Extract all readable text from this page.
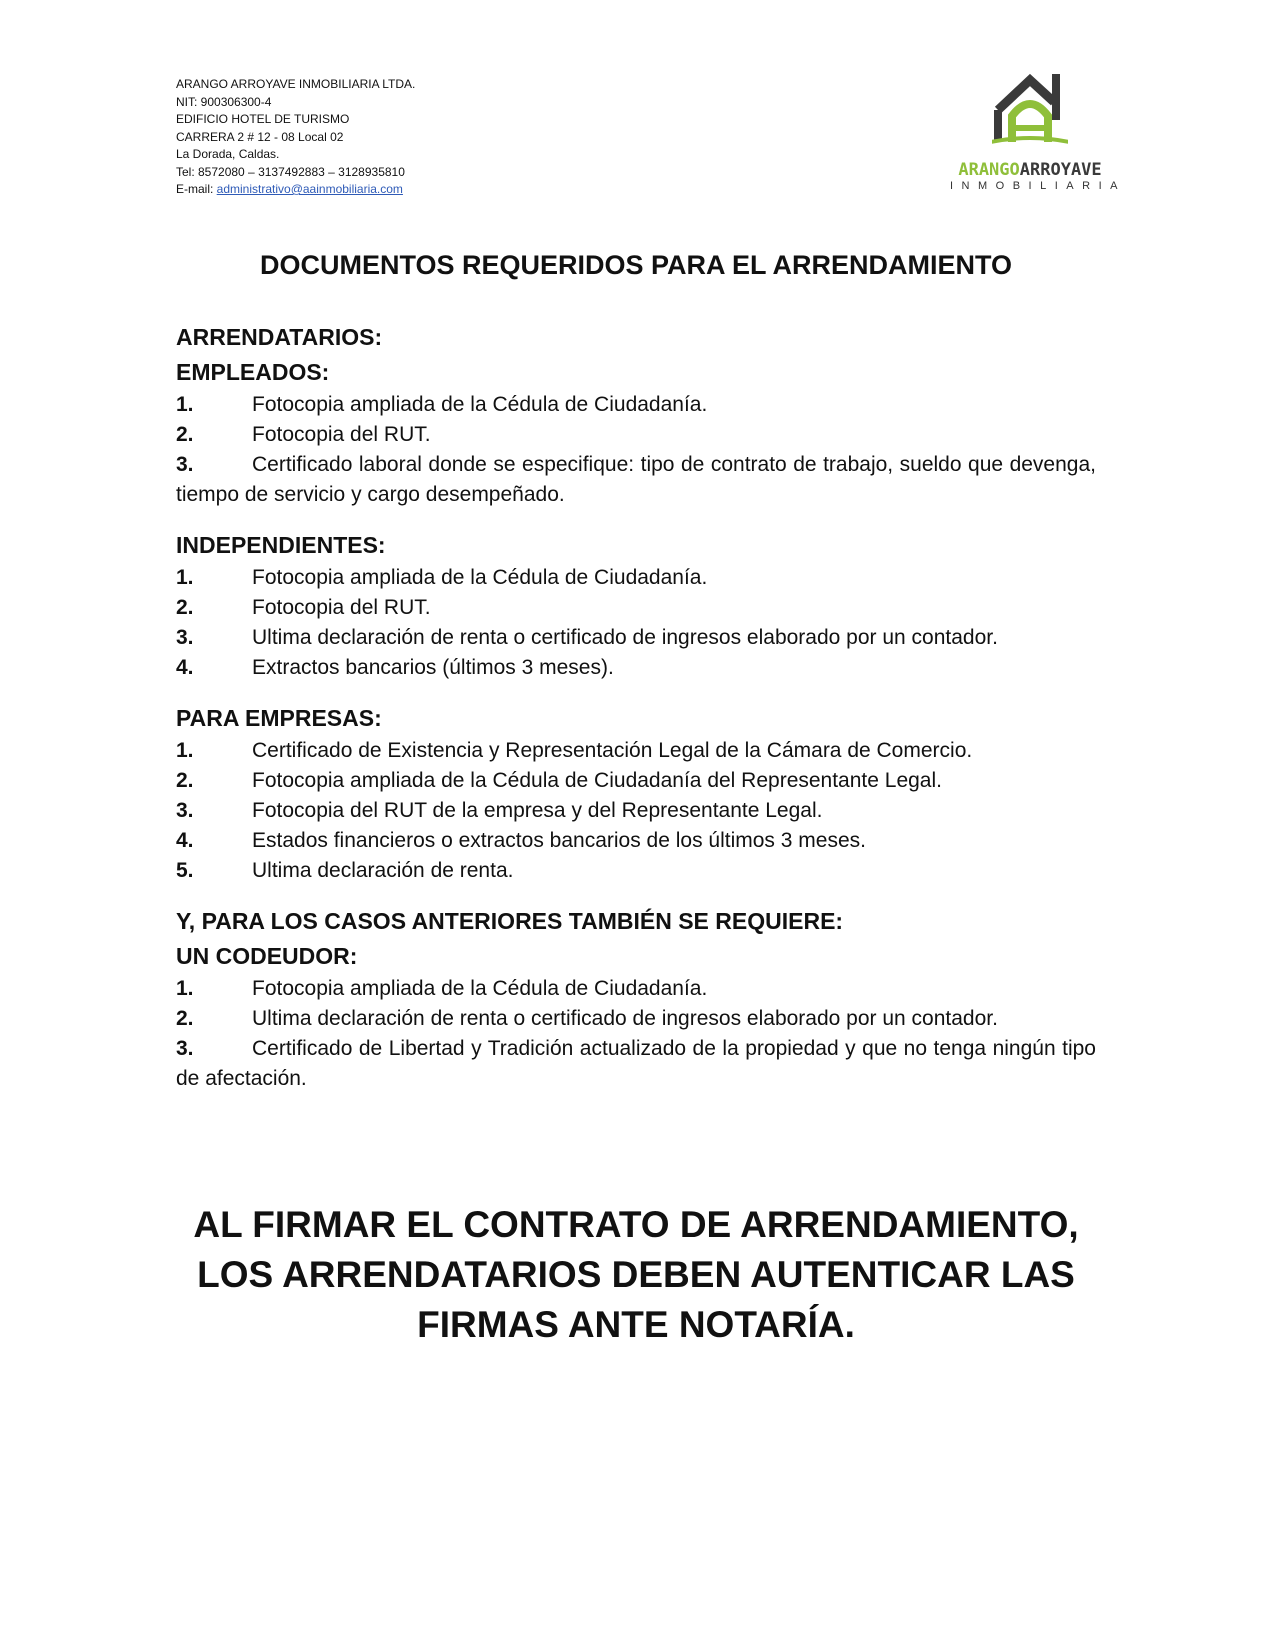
ARANGO ARROYAVE INMOBILIARIA LTDA.
NIT: 900306300-4
EDIFICIO HOTEL DE TURISMO
CARRERA 2 # 12 - 08 Local 02
La Dorada, Caldas.
Tel: 8572080 – 3137492883 – 3128935810
E-mail: administrativo@aainmobiliaria.com
ARANGOARROYAVE
INMOBILIARIA
DOCUMENTOS REQUERIDOS PARA EL ARRENDAMIENTO
ARRENDATARIOS:
EMPLEADOS:
1.	Fotocopia ampliada de la Cédula de Ciudadanía.
2.	Fotocopia del RUT.
3.	Certificado laboral donde se especifique: tipo de contrato de trabajo, sueldo que devenga, tiempo de servicio y cargo desempeñado.
INDEPENDIENTES:
1.	Fotocopia ampliada de la Cédula de Ciudadanía.
2.	Fotocopia del RUT.
3.	Ultima declaración de renta o certificado de ingresos elaborado por un contador.
4.	Extractos bancarios (últimos 3 meses).
PARA EMPRESAS:
1.	Certificado de Existencia y Representación Legal de la Cámara de Comercio.
2.	Fotocopia ampliada de la Cédula de Ciudadanía del Representante Legal.
3.	Fotocopia del RUT de la empresa y del Representante Legal.
4.	Estados financieros o extractos bancarios de los últimos 3 meses.
5.	Ultima declaración de renta.
Y, PARA LOS CASOS ANTERIORES TAMBIÉN SE REQUIERE:
UN CODEUDOR:
1.	Fotocopia ampliada de la Cédula de Ciudadanía.
2.	Ultima declaración de renta o certificado de ingresos elaborado por un contador.
3.	Certificado de Libertad y Tradición actualizado de la propiedad y que no tenga ningún tipo de afectación.
AL FIRMAR EL CONTRATO DE ARRENDAMIENTO, LOS ARRENDATARIOS DEBEN AUTENTICAR LAS FIRMAS ANTE NOTARÍA.
